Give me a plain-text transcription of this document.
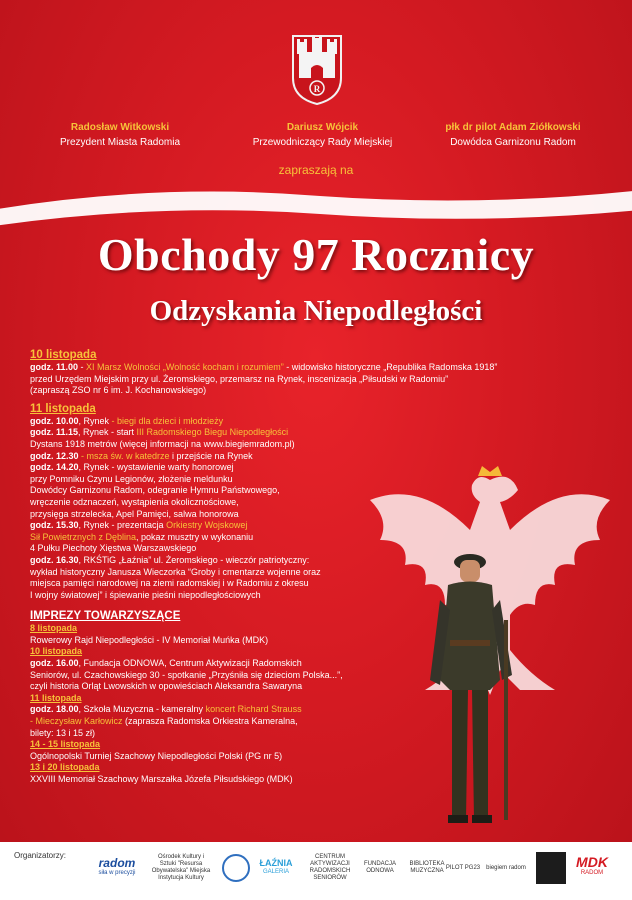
R
Radosław Witkowski
Prezydent Miasta Radomia
Dariusz Wójcik
Przewodniczący Rady Miejskiej
płk dr pilot Adam Ziółkowski
Dowódca Garnizonu Radom
zapraszają na
Obchody 97 Rocznicy
Odzyskania Niepodległości
10 listopada
godz. 11.00 - XI Marsz Wolności „Wolność kocham i rozumiem” - widowisko historyczne „Republika Radomska 1918”
przed Urzędem Miejskim przy ul. Żeromskiego, przemarsz na Rynek, inscenizacja „Piłsudski w Radomiu”
(zapraszą ZSO nr 6 im. J. Kochanowskiego)
11 listopada
godz. 10.00, Rynek - biegi dla dzieci i młodzieży
godz. 11.15, Rynek - start III Radomskiego Biegu Niepodległości
Dystans 1918 metrów (więcej informacji na www.biegiemradom.pl)
godz. 12.30 - msza św. w katedrze i przejście na Rynek
godz. 14.20, Rynek - wystawienie warty honorowej
przy Pomniku Czynu Legionów, złożenie meldunku
Dowódcy Garnizonu Radom, odegranie Hymnu Państwowego,
wręczenie odznaczeń, wystąpienia okolicznościowe,
przysięga strzelecka, Apel Pamięci, salwa honorowa
godz. 15.30, Rynek - prezentacja Orkiestry Wojskowej
Sił Powietrznych z Dęblina, pokaz musztry w wykonaniu
4 Pułku Piechoty Xięstwa Warszawskiego
godz. 16.30, RKŚTiG „Łaźnia” ul. Żeromskiego - wieczór patriotyczny:
wykład historyczny Janusza Wieczorka “Groby i cmentarze wojenne oraz
miejsca pamięci narodowej na ziemi radomskiej i w Radomiu z okresu
I wojny światowej” i śpiewanie pieśni niepodległościowych
IMPREZY TOWARZYSZĄCE
8 listopada
Rowerowy Rajd Niepodległości - IV Memoriał Muńka (MDK)
10 listopada
godz. 16.00, Fundacja ODNOWA, Centrum Aktywizacji Radomskich
Seniorów, ul. Czachowskiego 30 - spotkanie „Przyśniła się dzieciom Polska...”,
czyli historia Orląt Lwowskich w opowieściach Aleksandra Sawaryna
11 listopada
godz. 18.00, Szkoła Muzyczna - kameralny koncert Richard Strauss
- Mieczysław Karłowicz (zaprasza Radomska Orkiestra Kameralna,
bilety: 13 i 15 zł)
14 - 15 listopada
Ogólnopolski Turniej Szachowy Niepodległości Polski (PG nr 5)
13 i 20 listopada
XXVIII Memoriał Szachowy Marszałka Józefa Piłsudskiego (MDK)
Organizatorzy:	radom
siła w precyzji
Ośrodek Kultury i Sztuki "Resursa Obywatelska" Miejska Instytucja Kultury
ŁAŹNIA
GALERIA
CENTRUM AKTYWIZACJI RADOMSKICH SENIORÓW
FUNDACJA ODNOWA
BIBLIOTEKA MUZYCZNA
PILOT PG23	biegiem radom	MDK
RADOM
